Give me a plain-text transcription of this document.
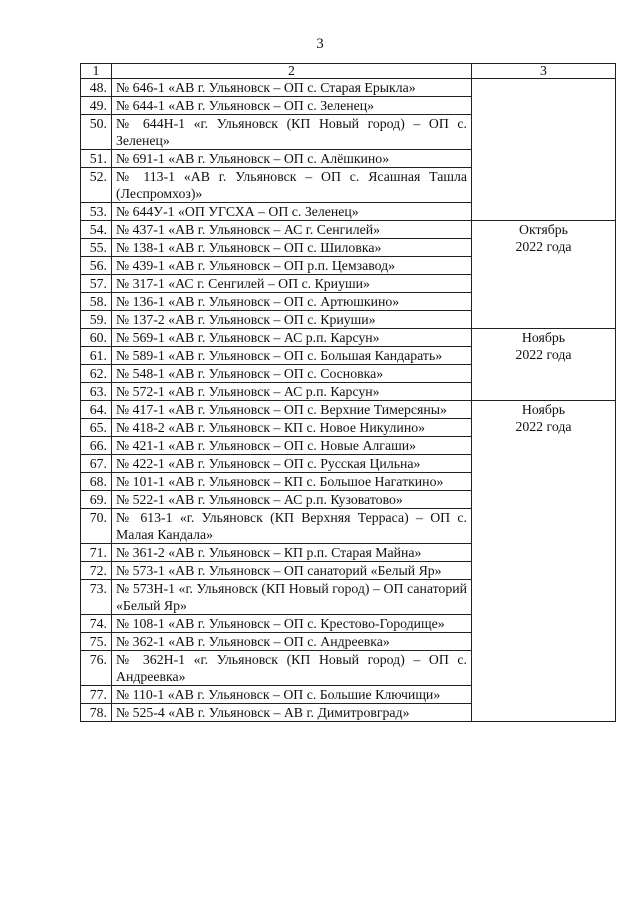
3
1	2	3
48.	№ 646-1 «АВ г. Ульяновск – ОП с. Старая Ерыкла»	

49.	№ 644-1 «АВ г. Ульяновск – ОП с. Зеленец»	
50.	№ 644Н-1 «г. Ульяновск (КП Новый город) – ОП с. Зеленец»	
51.	№ 691-1 «АВ г. Ульяновск – ОП с. Алёшкино»	
52.	№ 113-1 «АВ г. Ульяновск – ОП с. Ясашная Ташла (Леспромхоз)»	
53.	№ 644У-1 «ОП УГСХА – ОП с. Зеленец»	
54.	№ 437-1 «АВ г. Ульяновск – АС г. Сенгилей»	Октябрь
2022 года

55.	№ 138-1 «АВ г. Ульяновск – ОП с. Шиловка»	
56.	№ 439-1 «АВ г. Ульяновск – ОП р.п. Цемзавод»	
57.	№ 317-1 «АС г. Сенгилей – ОП с. Криуши»	
58.	№ 136-1 «АВ г. Ульяновск – ОП с. Артюшкино»	
59.	№ 137-2 «АВ г. Ульяновск – ОП с. Криуши»	
60.	№ 569-1 «АВ г. Ульяновск – АС р.п. Карсун»	Ноябрь
2022 года

61.	№ 589-1 «АВ г. Ульяновск – ОП с. Большая Кандарать»	
62.	№ 548-1 «АВ г. Ульяновск – ОП с. Сосновка»	
63.	№ 572-1 «АВ г. Ульяновск – АС р.п. Карсун»	
64.	№ 417-1 «АВ г. Ульяновск – ОП с. Верхние Тимерсяны»	Ноябрь
2022 года

65.	№ 418-2 «АВ г. Ульяновск – КП с. Новое Никулино»	
66.	№ 421-1 «АВ г. Ульяновск – ОП с. Новые Алгаши»	
67.	№ 422-1 «АВ г. Ульяновск – ОП с. Русская Цильна»	
68.	№ 101-1 «АВ г. Ульяновск – КП с. Большое Нагаткино»	
69.	№ 522-1 «АВ г. Ульяновск – АС р.п. Кузоватово»	
70.	№ 613-1 «г. Ульяновск (КП Верхняя Терраса) – ОП с. Малая Кандала»	
71.	№ 361-2 «АВ г. Ульяновск – КП р.п. Старая Майна»	
72.	№ 573-1 «АВ г. Ульяновск – ОП санаторий «Белый Яр»	
73.	№ 573Н-1 «г. Ульяновск (КП Новый город) – ОП санаторий «Белый Яр»	
74.	№ 108-1 «АВ г. Ульяновск – ОП с. Крестово-Городище»	
75.	№ 362-1 «АВ г. Ульяновск – ОП с. Андреевка»	
76.	№ 362Н-1 «г. Ульяновск (КП Новый город) – ОП с. Андреевка»	
77.	№ 110-1 «АВ г. Ульяновск – ОП с. Большие Ключищи»	
78.	№ 525-4 «АВ г. Ульяновск – АВ г. Димитровград»	
